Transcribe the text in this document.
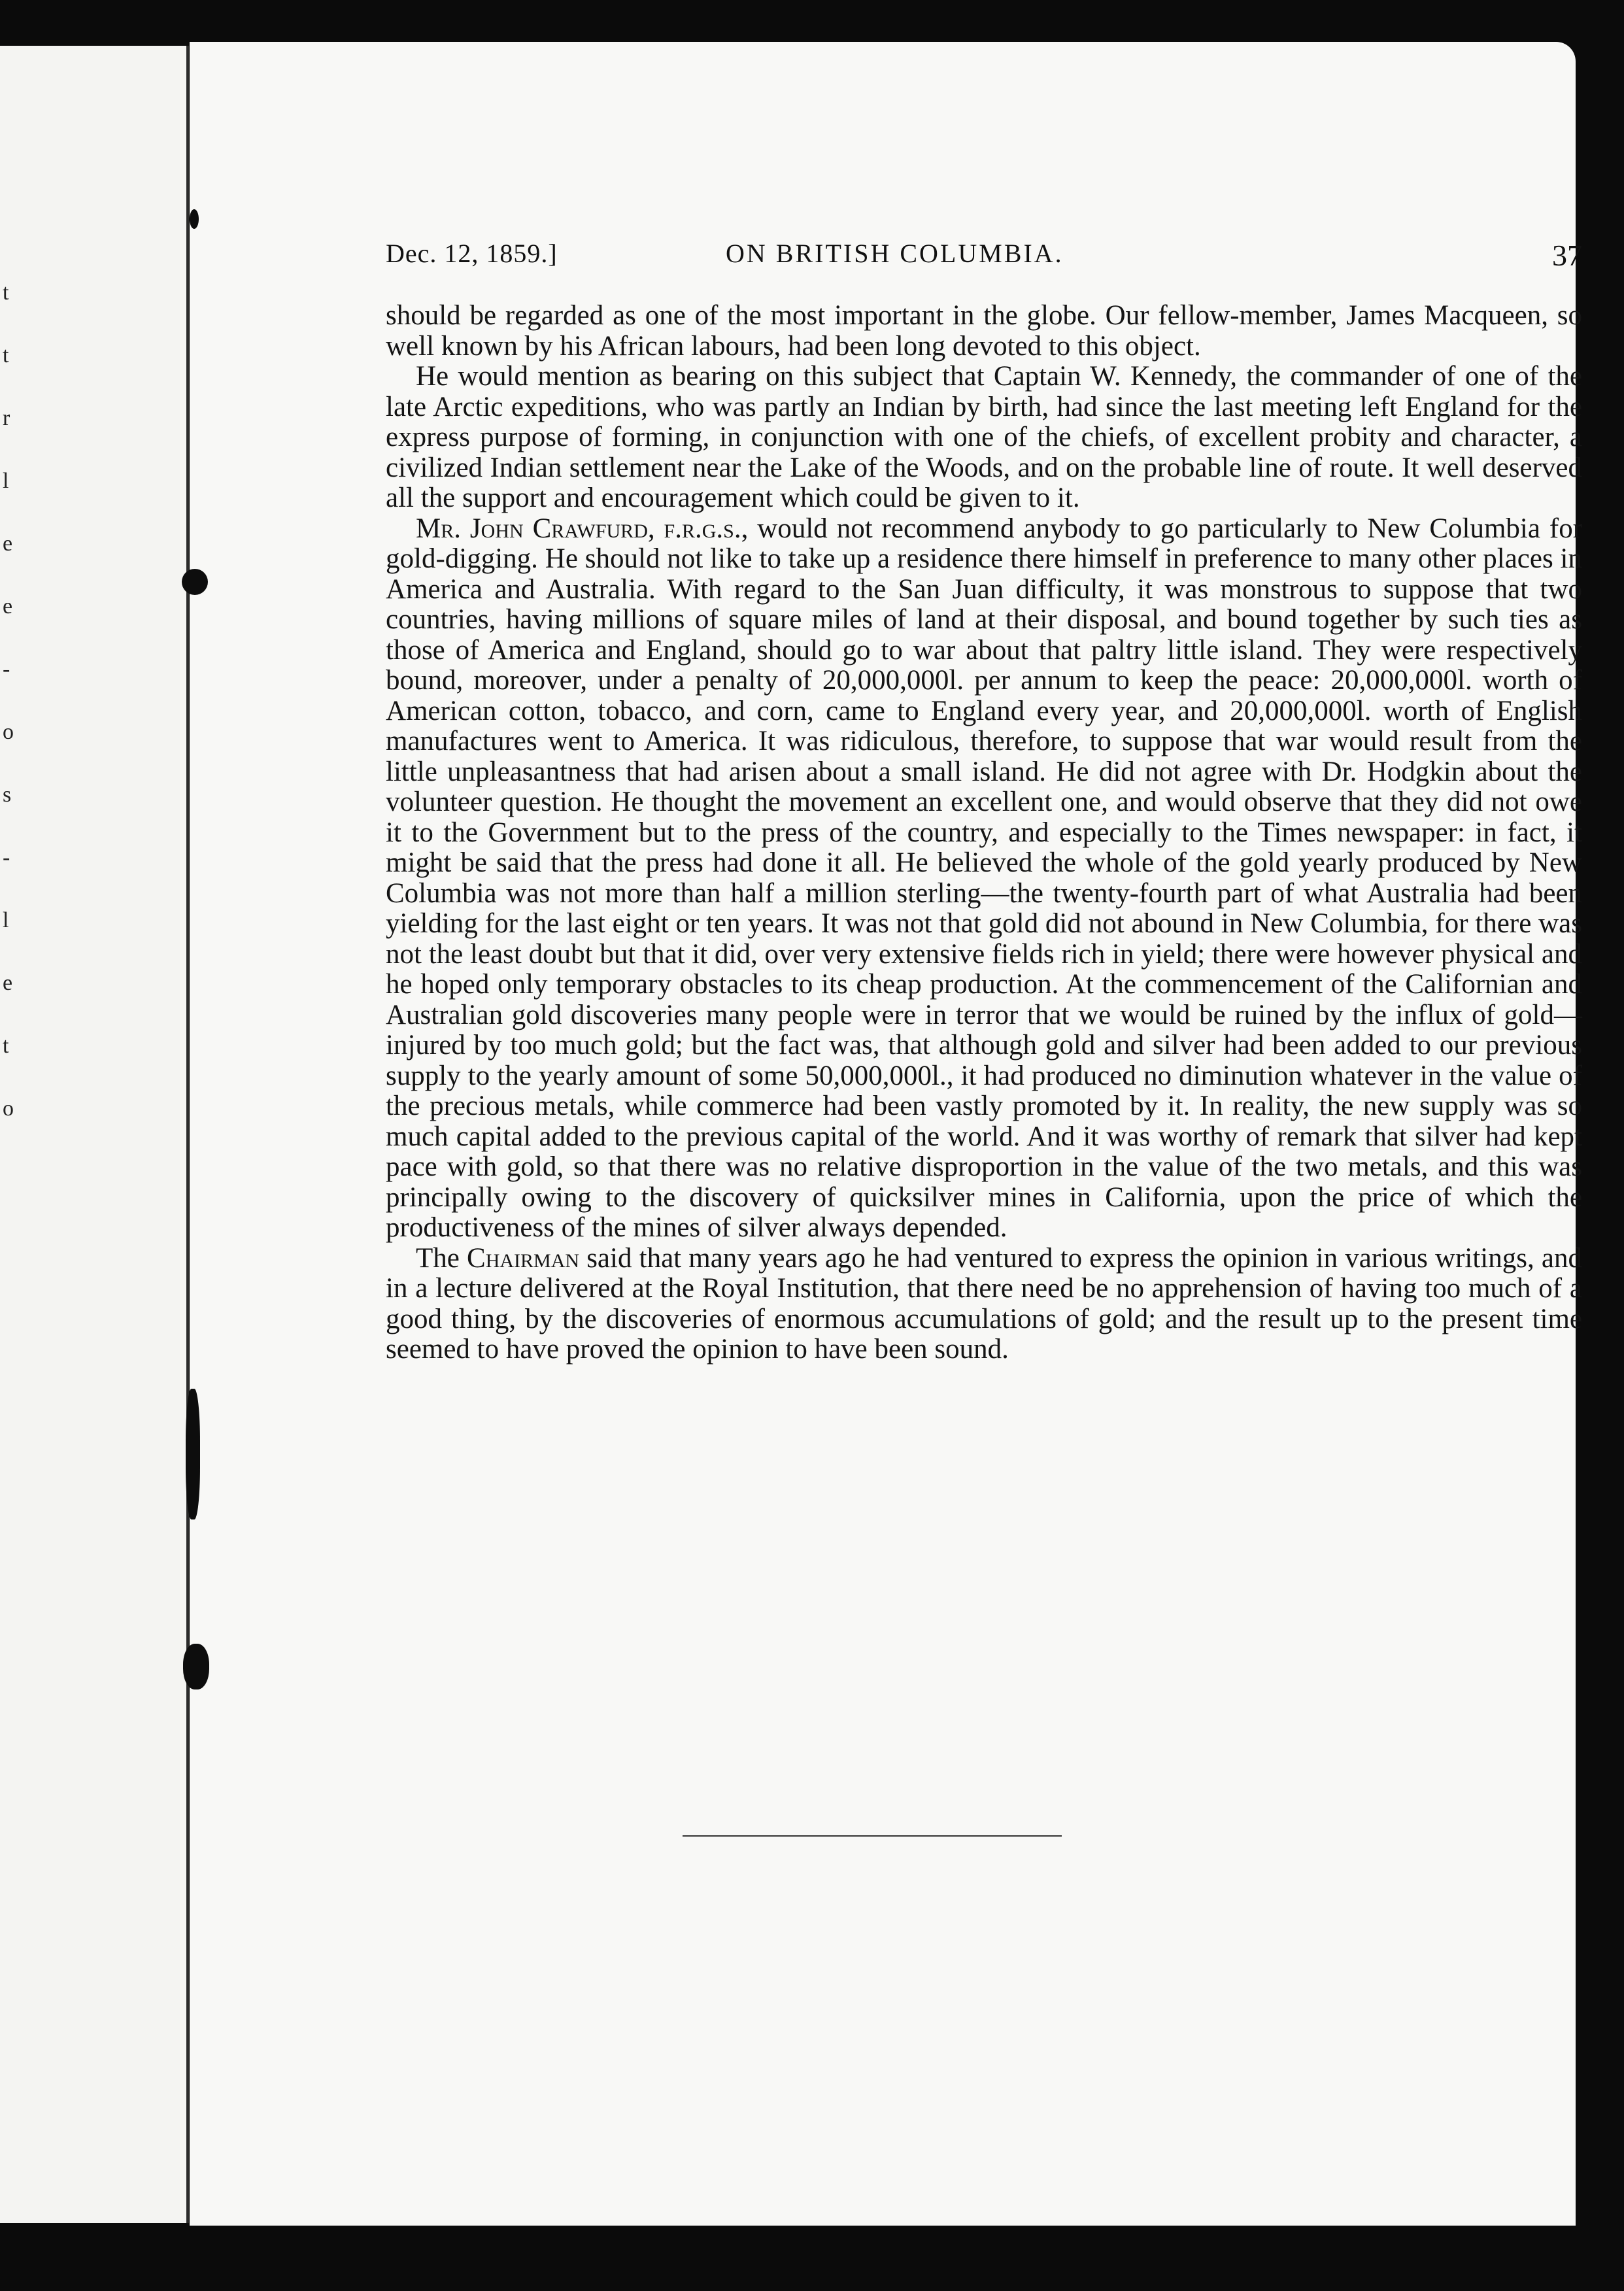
t
t
r
l
e
e
-
o
s
-
l
e
t
o
Dec. 12, 1859.]	ON BRITISH COLUMBIA.	37

should be regarded as one of the most important in the globe. Our fellow-member, James Macqueen, so well known by his African labours, had been long devoted to this object.

He would mention as bearing on this subject that Captain W. Kennedy, the commander of one of the late Arctic expeditions, who was partly an Indian by birth, had since the last meeting left England for the express purpose of forming, in conjunction with one of the chiefs, of excellent probity and character, a civilized Indian settlement near the Lake of the Woods, and on the probable line of route. It well deserved all the support and encouragement which could be given to it.

Mr. John Crawfurd, f.r.g.s., would not recommend anybody to go particularly to New Columbia for gold-digging. He should not like to take up a residence there himself in preference to many other places in America and Australia. With regard to the San Juan difficulty, it was monstrous to suppose that two countries, having millions of square miles of land at their disposal, and bound together by such ties as those of America and England, should go to war about that paltry little island. They were respectively bound, moreover, under a penalty of 20,000,000l. per annum to keep the peace: 20,000,000l. worth of American cotton, tobacco, and corn, came to England every year, and 20,000,000l. worth of English manufactures went to America. It was ridiculous, therefore, to suppose that war would result from the little unpleasantness that had arisen about a small island. He did not agree with Dr. Hodgkin about the volunteer question. He thought the movement an excellent one, and would observe that they did not owe it to the Government but to the press of the country, and especially to the Times newspaper: in fact, it might be said that the press had done it all. He believed the whole of the gold yearly produced by New Columbia was not more than half a million sterling—the twenty-fourth part of what Australia had been yielding for the last eight or ten years. It was not that gold did not abound in New Columbia, for there was not the least doubt but that it did, over very extensive fields rich in yield; there were however physical and he hoped only temporary obstacles to its cheap production. At the commencement of the Californian and Australian gold discoveries many people were in terror that we would be ruined by the influx of gold—injured by too much gold; but the fact was, that although gold and silver had been added to our previous supply to the yearly amount of some 50,000,000l., it had produced no diminution whatever in the value of the precious metals, while commerce had been vastly promoted by it. In reality, the new supply was so much capital added to the previous capital of the world. And it was worthy of remark that silver had kept pace with gold, so that there was no relative disproportion in the value of the two metals, and this was principally owing to the discovery of quicksilver mines in California, upon the price of which the productiveness of the mines of silver always depended.

The Chairman said that many years ago he had ventured to express the opinion in various writings, and in a lecture delivered at the Royal Institution, that there need be no apprehension of having too much of a good thing, by the discoveries of enormous accumulations of gold; and the result up to the present time seemed to have proved the opinion to have been sound.
